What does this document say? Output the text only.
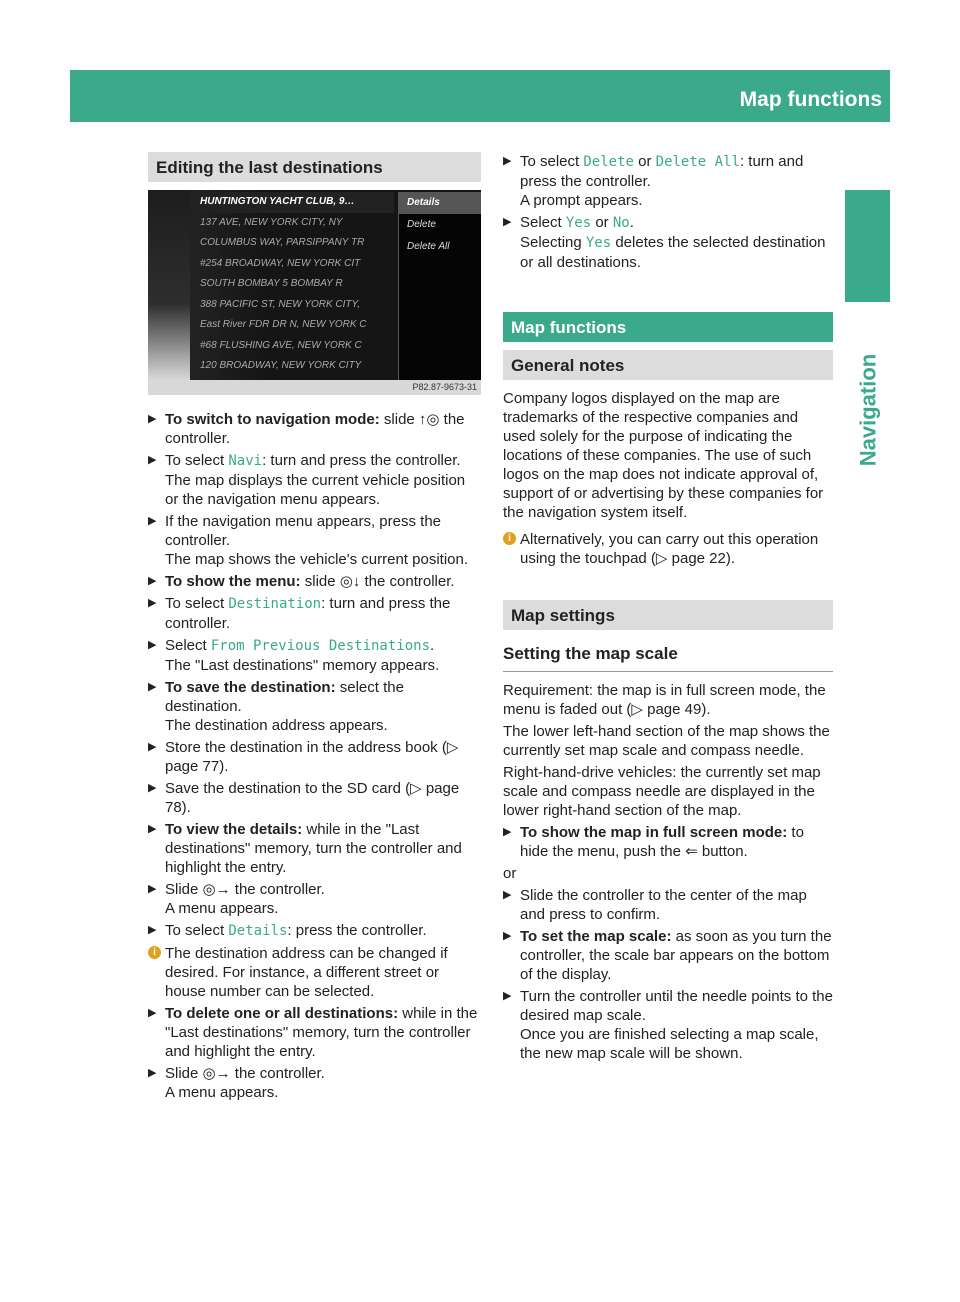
Map functions	79
Navigation
Editing the last destinations
HUNTINGTON YACHT CLUB, 9…
137 AVE, NEW YORK CITY, NY
COLUMBUS WAY, PARSIPPANY TR
#254 BROADWAY, NEW YORK CIT
SOUTH BOMBAY 5 BOMBAY R
388 PACIFIC ST, NEW YORK CITY,
East River FDR DR N, NEW YORK C
#68 FLUSHING AVE, NEW YORK C
120 BROADWAY, NEW YORK CITY
Details
Delete
Delete All
P82.87-9673-31
▶ To switch to navigation mode: slide ↑◎ the controller.
▶ To select Navi: turn and press the controller.
The map displays the current vehicle position or the navigation menu appears.
▶ If the navigation menu appears, press the controller.
The map shows the vehicle's current position.
▶ To show the menu: slide ◎↓ the controller.
▶ To select Destination: turn and press the controller.
▶ Select From Previous Destinations.
The "Last destinations" memory appears.
▶ To save the destination: select the destination.
The destination address appears.
▶ Store the destination in the address book (▷ page 77).
▶ Save the destination to the SD card (▷ page 78).
▶ To view the details: while in the "Last destinations" memory, turn the controller and highlight the entry.
▶ Slide ◎→ the controller.
A menu appears.
▶ To select Details: press the controller.
i The destination address can be changed if desired. For instance, a different street or house number can be selected.
▶ To delete one or all destinations: while in the "Last destinations" memory, turn the controller and highlight the entry.
▶ Slide ◎→ the controller.
A menu appears.
▶ To select Delete or Delete All: turn and press the controller.
A prompt appears.
▶ Select Yes or No.
Selecting Yes deletes the selected destination or all destinations.
Map functions
General notes
Company logos displayed on the map are trademarks of the respective companies and used solely for the purpose of indicating the locations of these companies. The use of such logos on the map does not indicate approval of, support of or advertising by these companies for the navigation system itself.
i Alternatively, you can carry out this operation using the touchpad (▷ page 22).
Map settings
Setting the map scale
Requirement: the map is in full screen mode, the menu is faded out (▷ page 49).
The lower left-hand section of the map shows the currently set map scale and compass needle.
Right-hand-drive vehicles: the currently set map scale and compass needle are displayed in the lower right-hand section of the map.
▶ To show the map in full screen mode: to hide the menu, push the ⇐ button.
or
▶ Slide the controller to the center of the map and press to confirm.
▶ To set the map scale: as soon as you turn the controller, the scale bar appears on the bottom of the display.
▶ Turn the controller until the needle points to the desired map scale.
Once you are finished selecting a map scale, the new map scale will be shown.
